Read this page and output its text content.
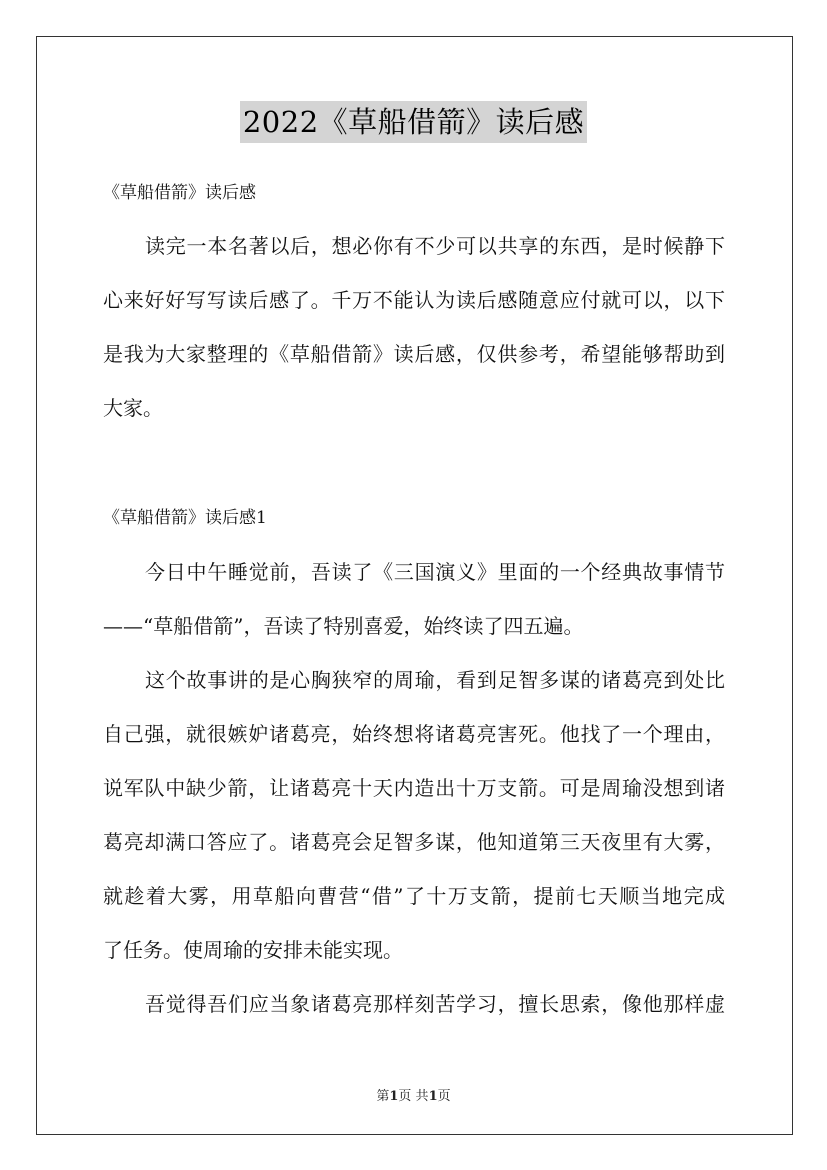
2022《草船借箭》读后感
《草船借箭》读后感
读完一本名著以后，想必你有不少可以共享的东西，是时候静下
心来好好写写读后感了。千万不能认为读后感随意应付就可以，以下
是我为大家整理的《草船借箭》读后感，仅供参考，希望能够帮助到
大家。
《草船借箭》读后感1
今日中午睡觉前，吾读了《三国演义》里面的一个经典故事情节
——“草船借箭”，吾读了特别喜爱，始终读了四五遍。
这个故事讲的是心胸狭窄的周瑜，看到足智多谋的诸葛亮到处比
自己强，就很嫉妒诸葛亮，始终想将诸葛亮害死。他找了一个理由，
说军队中缺少箭，让诸葛亮十天内造出十万支箭。可是周瑜没想到诸
葛亮却满口答应了。诸葛亮会足智多谋，他知道第三天夜里有大雾，
就趁着大雾，用草船向曹营“借”了十万支箭，提前七天顺当地完成
了任务。使周瑜的安排未能实现。
吾觉得吾们应当象诸葛亮那样刻苦学习，擅长思索，像他那样虚
第1页 共1页
